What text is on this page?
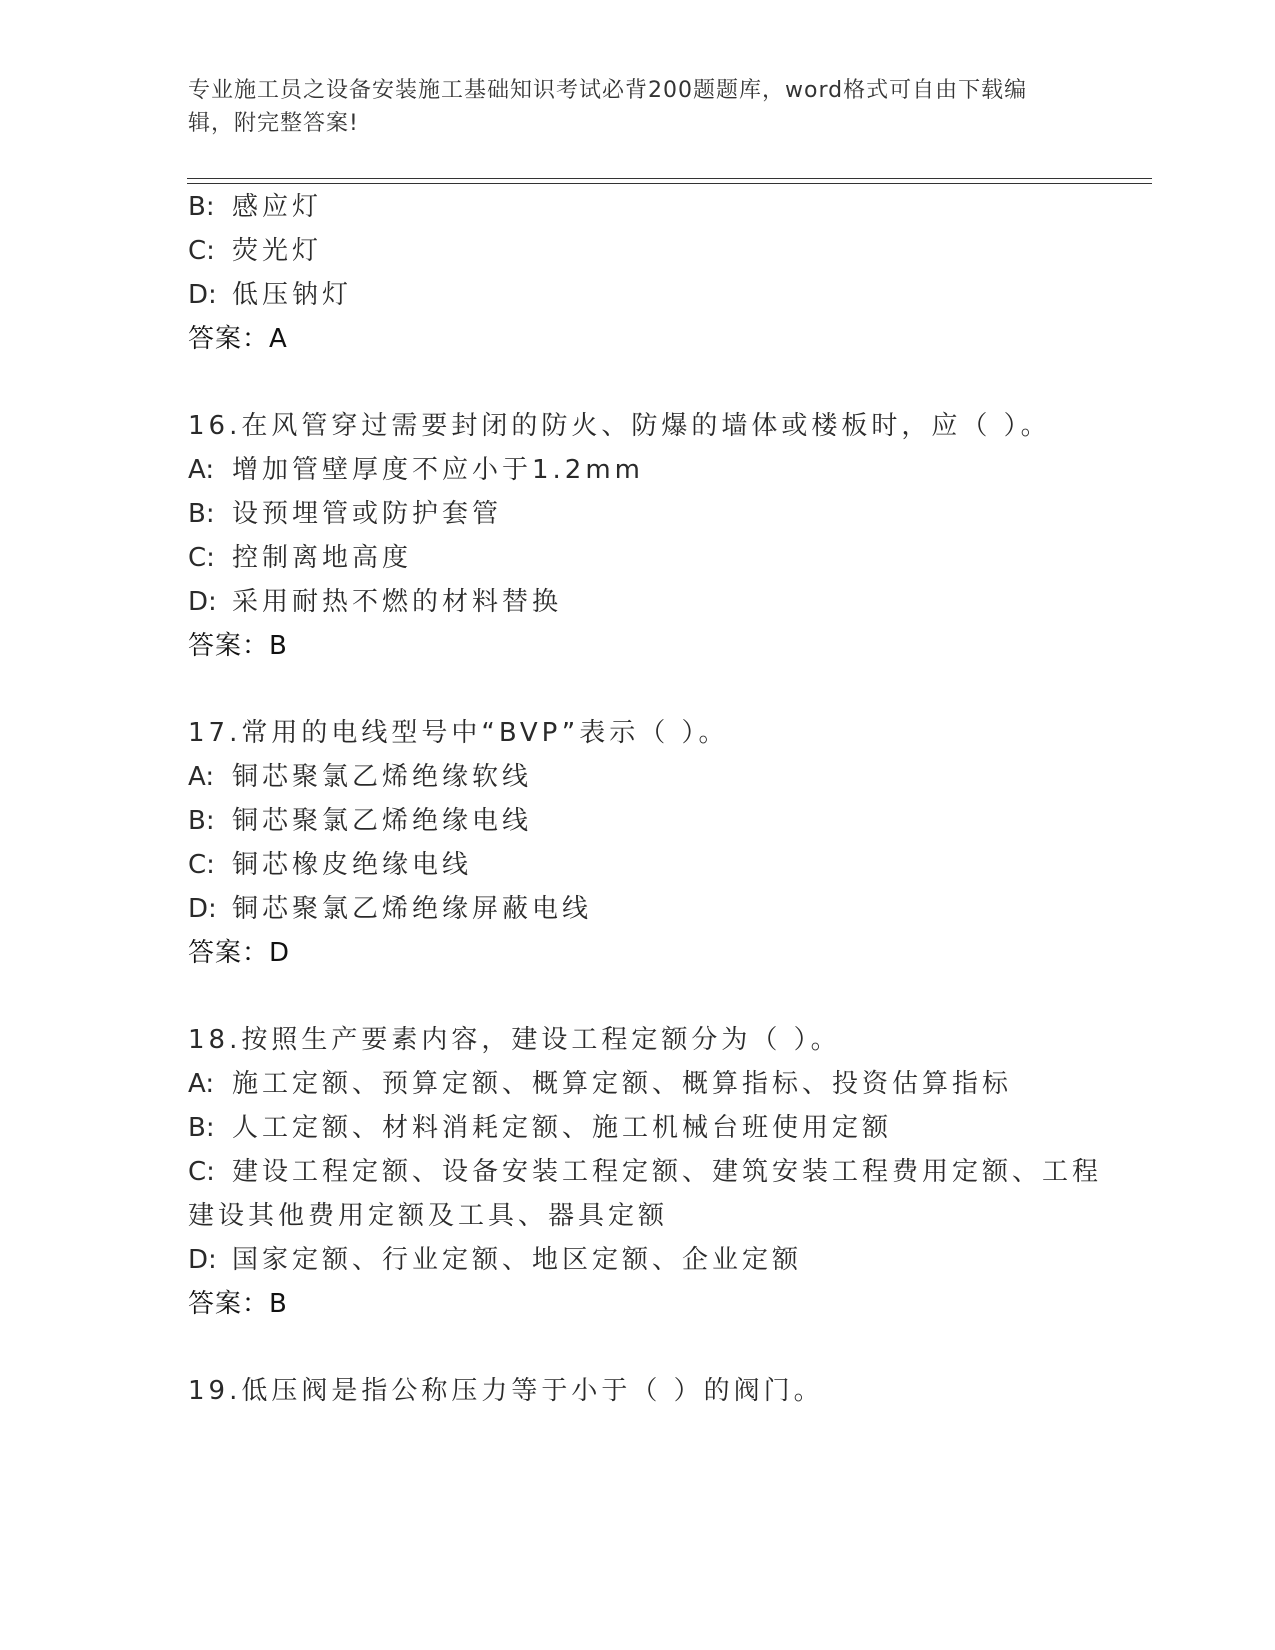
专业施工员之设备安装施工基础知识考试必背200题题库，word格式可自由下载编辑，附完整答案!
B: 感应灯
C: 荧光灯
D: 低压钠灯
答案：A
16.在风管穿过需要封闭的防火、防爆的墙体或楼板时，应（ ）。
A: 增加管壁厚度不应小于1.2mm
B: 设预埋管或防护套管
C: 控制离地高度
D: 采用耐热不燃的材料替换
答案：B
17.常用的电线型号中“BVP”表示（ ）。
A: 铜芯聚氯乙烯绝缘软线
B: 铜芯聚氯乙烯绝缘电线
C: 铜芯橡皮绝缘电线
D: 铜芯聚氯乙烯绝缘屏蔽电线
答案：D
18.按照生产要素内容，建设工程定额分为（ ）。
A: 施工定额、预算定额、概算定额、概算指标、投资估算指标
B: 人工定额、材料消耗定额、施工机械台班使用定额
C: 建设工程定额、设备安装工程定额、建筑安装工程费用定额、工程
建设其他费用定额及工具、器具定额
D: 国家定额、行业定额、地区定额、企业定额
答案：B
19.低压阀是指公称压力等于小于（ ）的阀门。
